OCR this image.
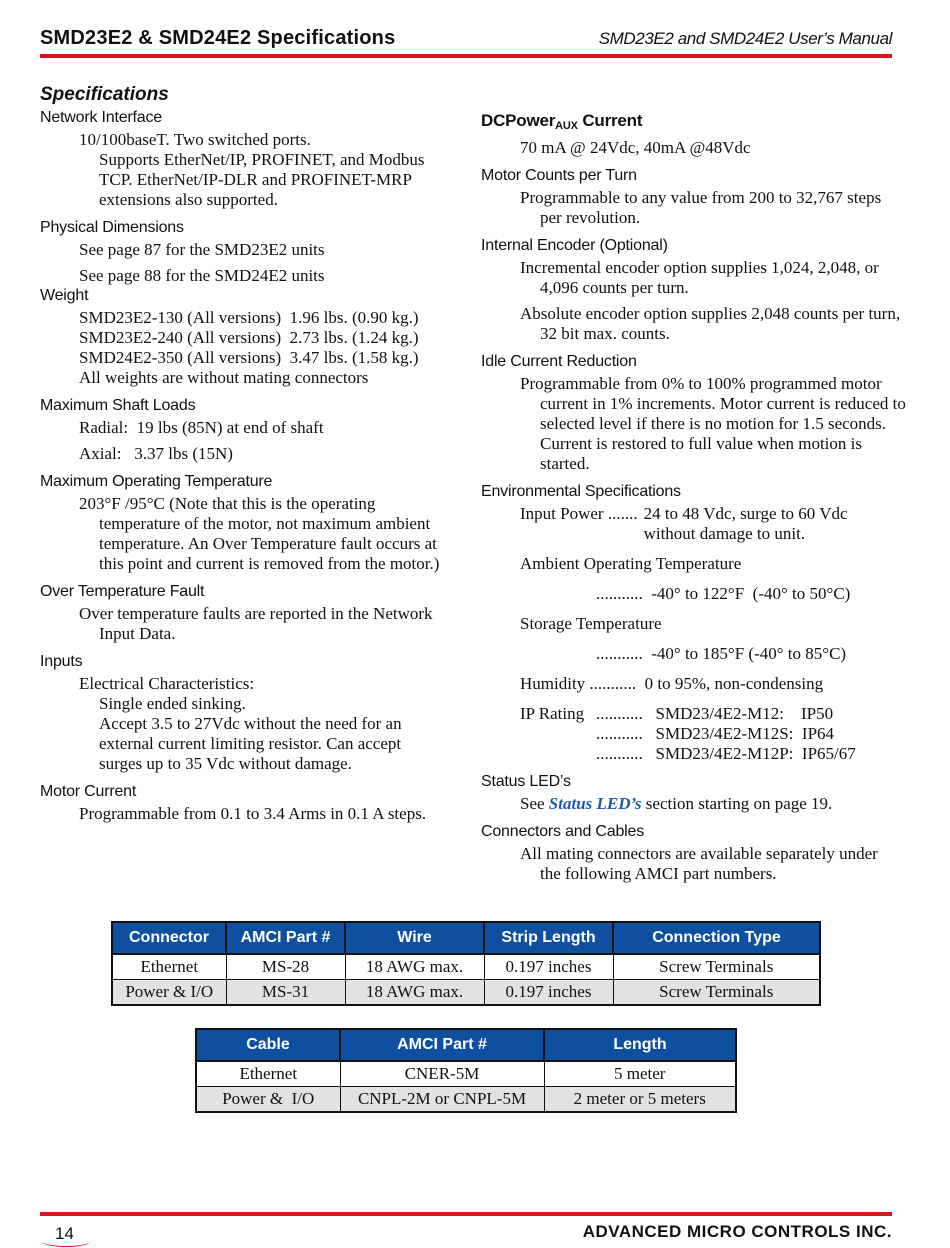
SMD23E2 & SMD24E2 Specifications	SMD23E2 and SMD24E2 User’s Manual
Specifications
Network Interface
10/100baseT. Two switched ports.
Supports EtherNet/IP, PROFINET, and Modbus TCP. EtherNet/IP-DLR and PROFINET-MRP extensions also supported.
Physical Dimensions
See page 87 for the SMD23E2 units
See page 88 for the SMD24E2 units
Weight
SMD23E2-130 (All versions)  1.96 lbs. (0.90 kg.)
SMD23E2-240 (All versions)  2.73 lbs. (1.24 kg.)
SMD24E2-350 (All versions)  3.47 lbs. (1.58 kg.)
All weights are without mating connectors
Maximum Shaft Loads
Radial:  19 lbs (85N) at end of shaft
Axial:   3.37 lbs (15N)
Maximum Operating Temperature
203°F /95°C (Note that this is the operating temperature of the motor, not maximum ambient temperature. An Over Temperature fault occurs at this point and current is removed from the motor.)
Over Temperature Fault
Over temperature faults are reported in the Network Input Data.
Inputs
Electrical Characteristics:
Single ended sinking.
Accept 3.5 to 27Vdc without the need for an external current limiting resistor. Can accept surges up to 35 Vdc without damage.
Motor Current
Programmable from 0.1 to 3.4 Arms in 0.1 A steps.
DCPower$_{AUX}$ Current
70 mA @ 24Vdc, 40mA @48Vdc
Motor Counts per Turn
Programmable to any value from 200 to 32,767 steps per revolution.
Internal Encoder (Optional)
Incremental encoder option supplies 1,024, 2,048, or 4,096 counts per turn.
Absolute encoder option supplies 2,048 counts per turn, 32 bit max. counts.
Idle Current Reduction
Programmable from 0% to 100% programmed motor current in 1% increments. Motor current is reduced to selected level if there is no motion for 1.5 seconds. Current is restored to full value when motion is started.
Environmental Specifications
Input Power ....... 24 to 48 Vdc, surge to 60 Vdc without damage to unit.
Ambient Operating Temperature
...........  -40° to 122°F  (-40° to 50°C)
Storage Temperature
...........  -40° to 185°F (-40° to 85°C)
Humidity ...........  0 to 95%, non-condensing
IP Rating ...........   SMD23/4E2-M12:    IP50
...........   SMD23/4E2-M12S:  IP64
...........   SMD23/4E2-M12P:  IP65/67
Status LED’s
See Status LED’s section starting on page 19.
Connectors and Cables
All mating connectors are available separately under the following AMCI part numbers.
Connector	AMCI Part #	Wire	Strip Length	Connection Type
Ethernet	MS-28	18 AWG max.	0.197 inches	Screw Terminals
Power & I/O	MS-31	18 AWG max.	0.197 inches	Screw Terminals
Cable	AMCI Part #	Length
Ethernet	CNER-5M	5 meter
Power &  I/O	CNPL-2M or CNPL-5M	2 meter or 5 meters
14	ADVANCED MICRO CONTROLS INC.
